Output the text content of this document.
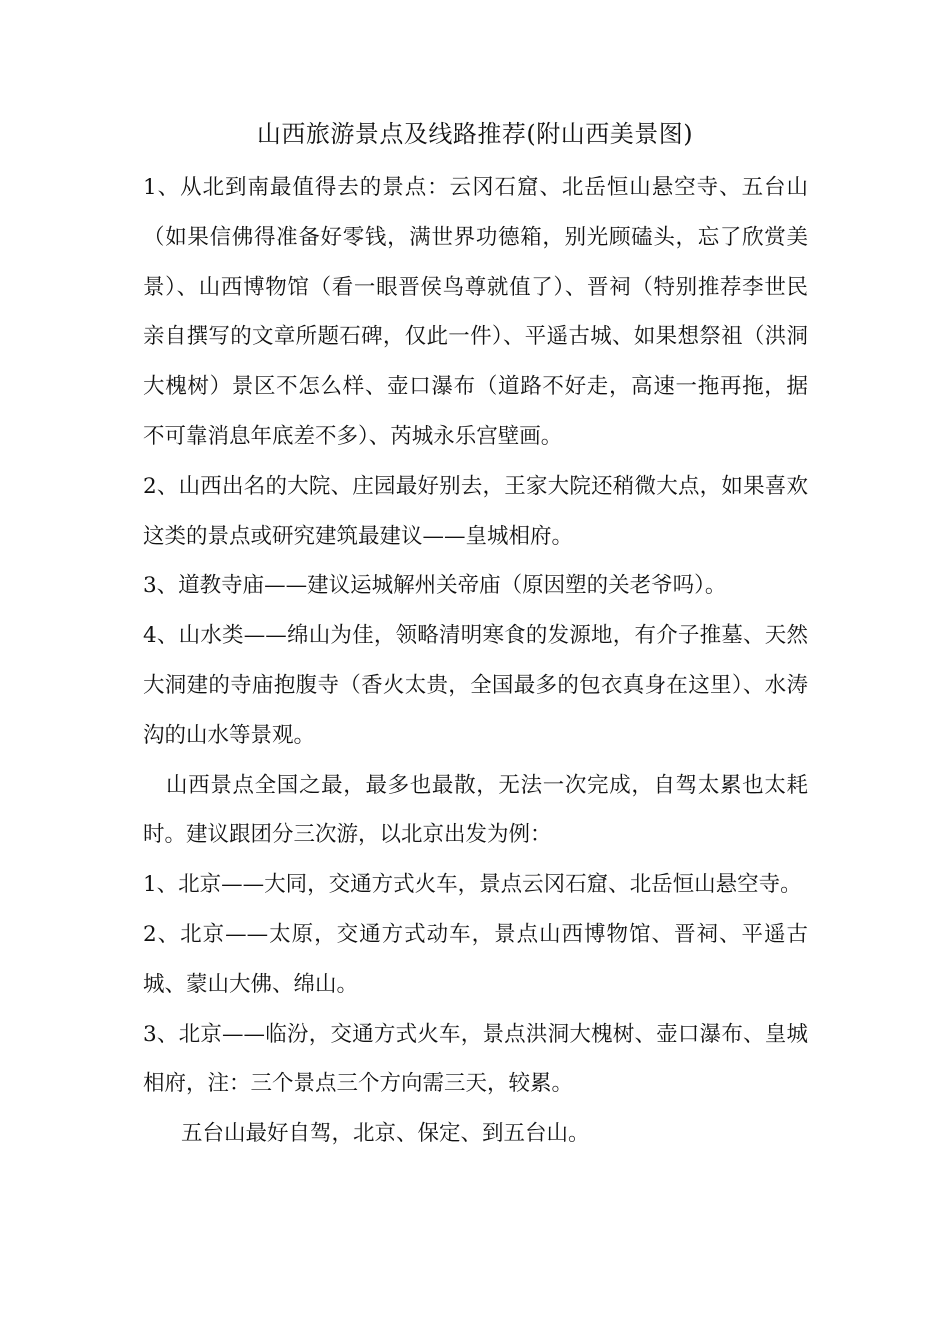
山西旅游景点及线路推荐(附山西美景图)

1、从北到南最值得去的景点：云冈石窟、北岳恒山悬空寺、五台山（如果信佛得准备好零钱，满世界功德箱，别光顾磕头，忘了欣赏美景）、山西博物馆（看一眼晋侯鸟尊就值了）、晋祠（特别推荐李世民亲自撰写的文章所题石碑，仅此一件）、平遥古城、如果想祭祖（洪洞大槐树）景区不怎么样、壶口瀑布（道路不好走，高速一拖再拖，据不可靠消息年底差不多）、芮城永乐宫壁画。

2、山西出名的大院、庄园最好别去，王家大院还稍微大点，如果喜欢这类的景点或研究建筑最建议——皇城相府。

3、道教寺庙——建议运城解州关帝庙（原因塑的关老爷吗）。

4、山水类——绵山为佳，领略清明寒食的发源地，有介子推墓、天然大洞建的寺庙抱腹寺（香火太贵，全国最多的包衣真身在这里）、水涛沟的山水等景观。

山西景点全国之最，最多也最散，无法一次完成，自驾太累也太耗时。建议跟团分三次游，以北京出发为例：

1、北京——大同，交通方式火车，景点云冈石窟、北岳恒山悬空寺。

2、北京——太原，交通方式动车，景点山西博物馆、晋祠、平遥古城、蒙山大佛、绵山。

3、北京——临汾，交通方式火车，景点洪洞大槐树、壶口瀑布、皇城相府，注：三个景点三个方向需三天，较累。

五台山最好自驾，北京、保定、到五台山。
